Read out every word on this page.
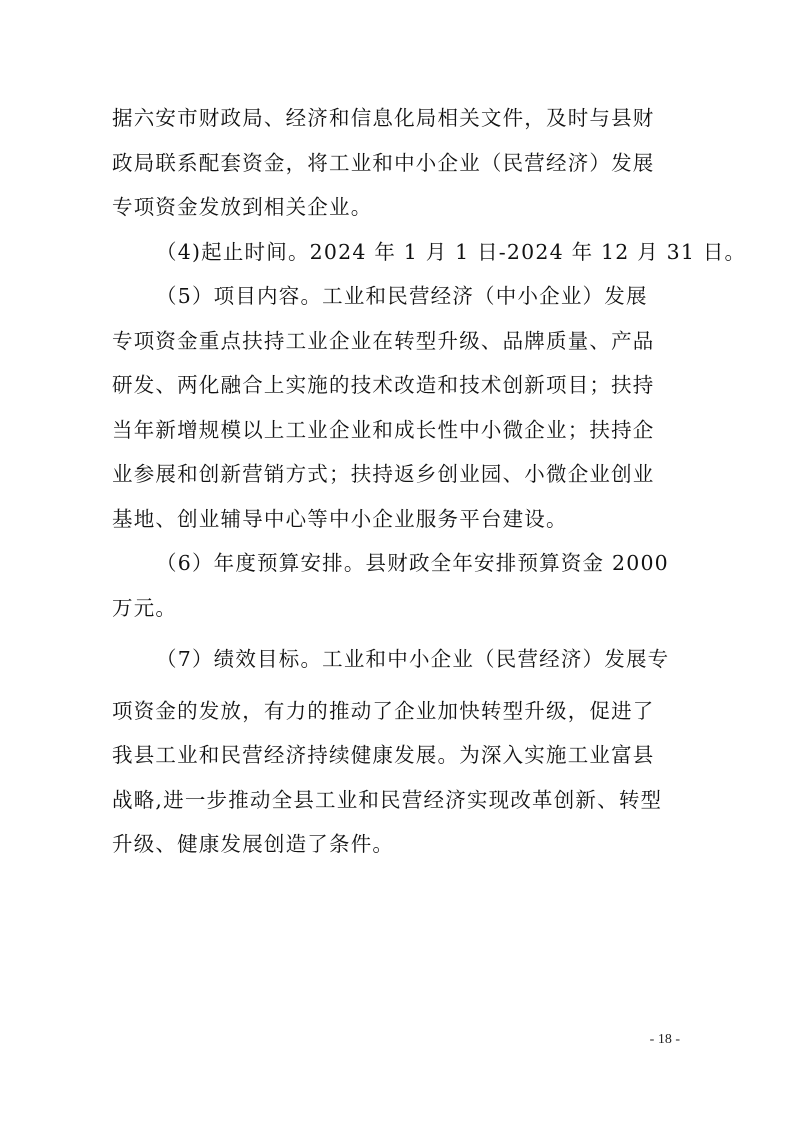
据六安市财政局、经济和信息化局相关文件，及时与县财
政局联系配套资金，将工业和中小企业（民营经济）发展
专项资金发放到相关企业。
（4)起止时间。2024 年 1 月 1 日-2024 年 12 月 31 日。
（5）项目内容。工业和民营经济（中小企业）发展
专项资金重点扶持工业企业在转型升级、品牌质量、产品
研发、两化融合上实施的技术改造和技术创新项目；扶持
当年新增规模以上工业企业和成长性中小微企业；扶持企
业参展和创新营销方式；扶持返乡创业园、小微企业创业
基地、创业辅导中心等中小企业服务平台建设。
（6）年度预算安排。县财政全年安排预算资金 2000
万元。
（7）绩效目标。工业和中小企业（民营经济）发展专
项资金的发放，有力的推动了企业加快转型升级，促进了
我县工业和民营经济持续健康发展。为深入实施工业富县
战略,进一步推动全县工业和民营经济实现改革创新、转型
升级、健康发展创造了条件。
- 18 -
